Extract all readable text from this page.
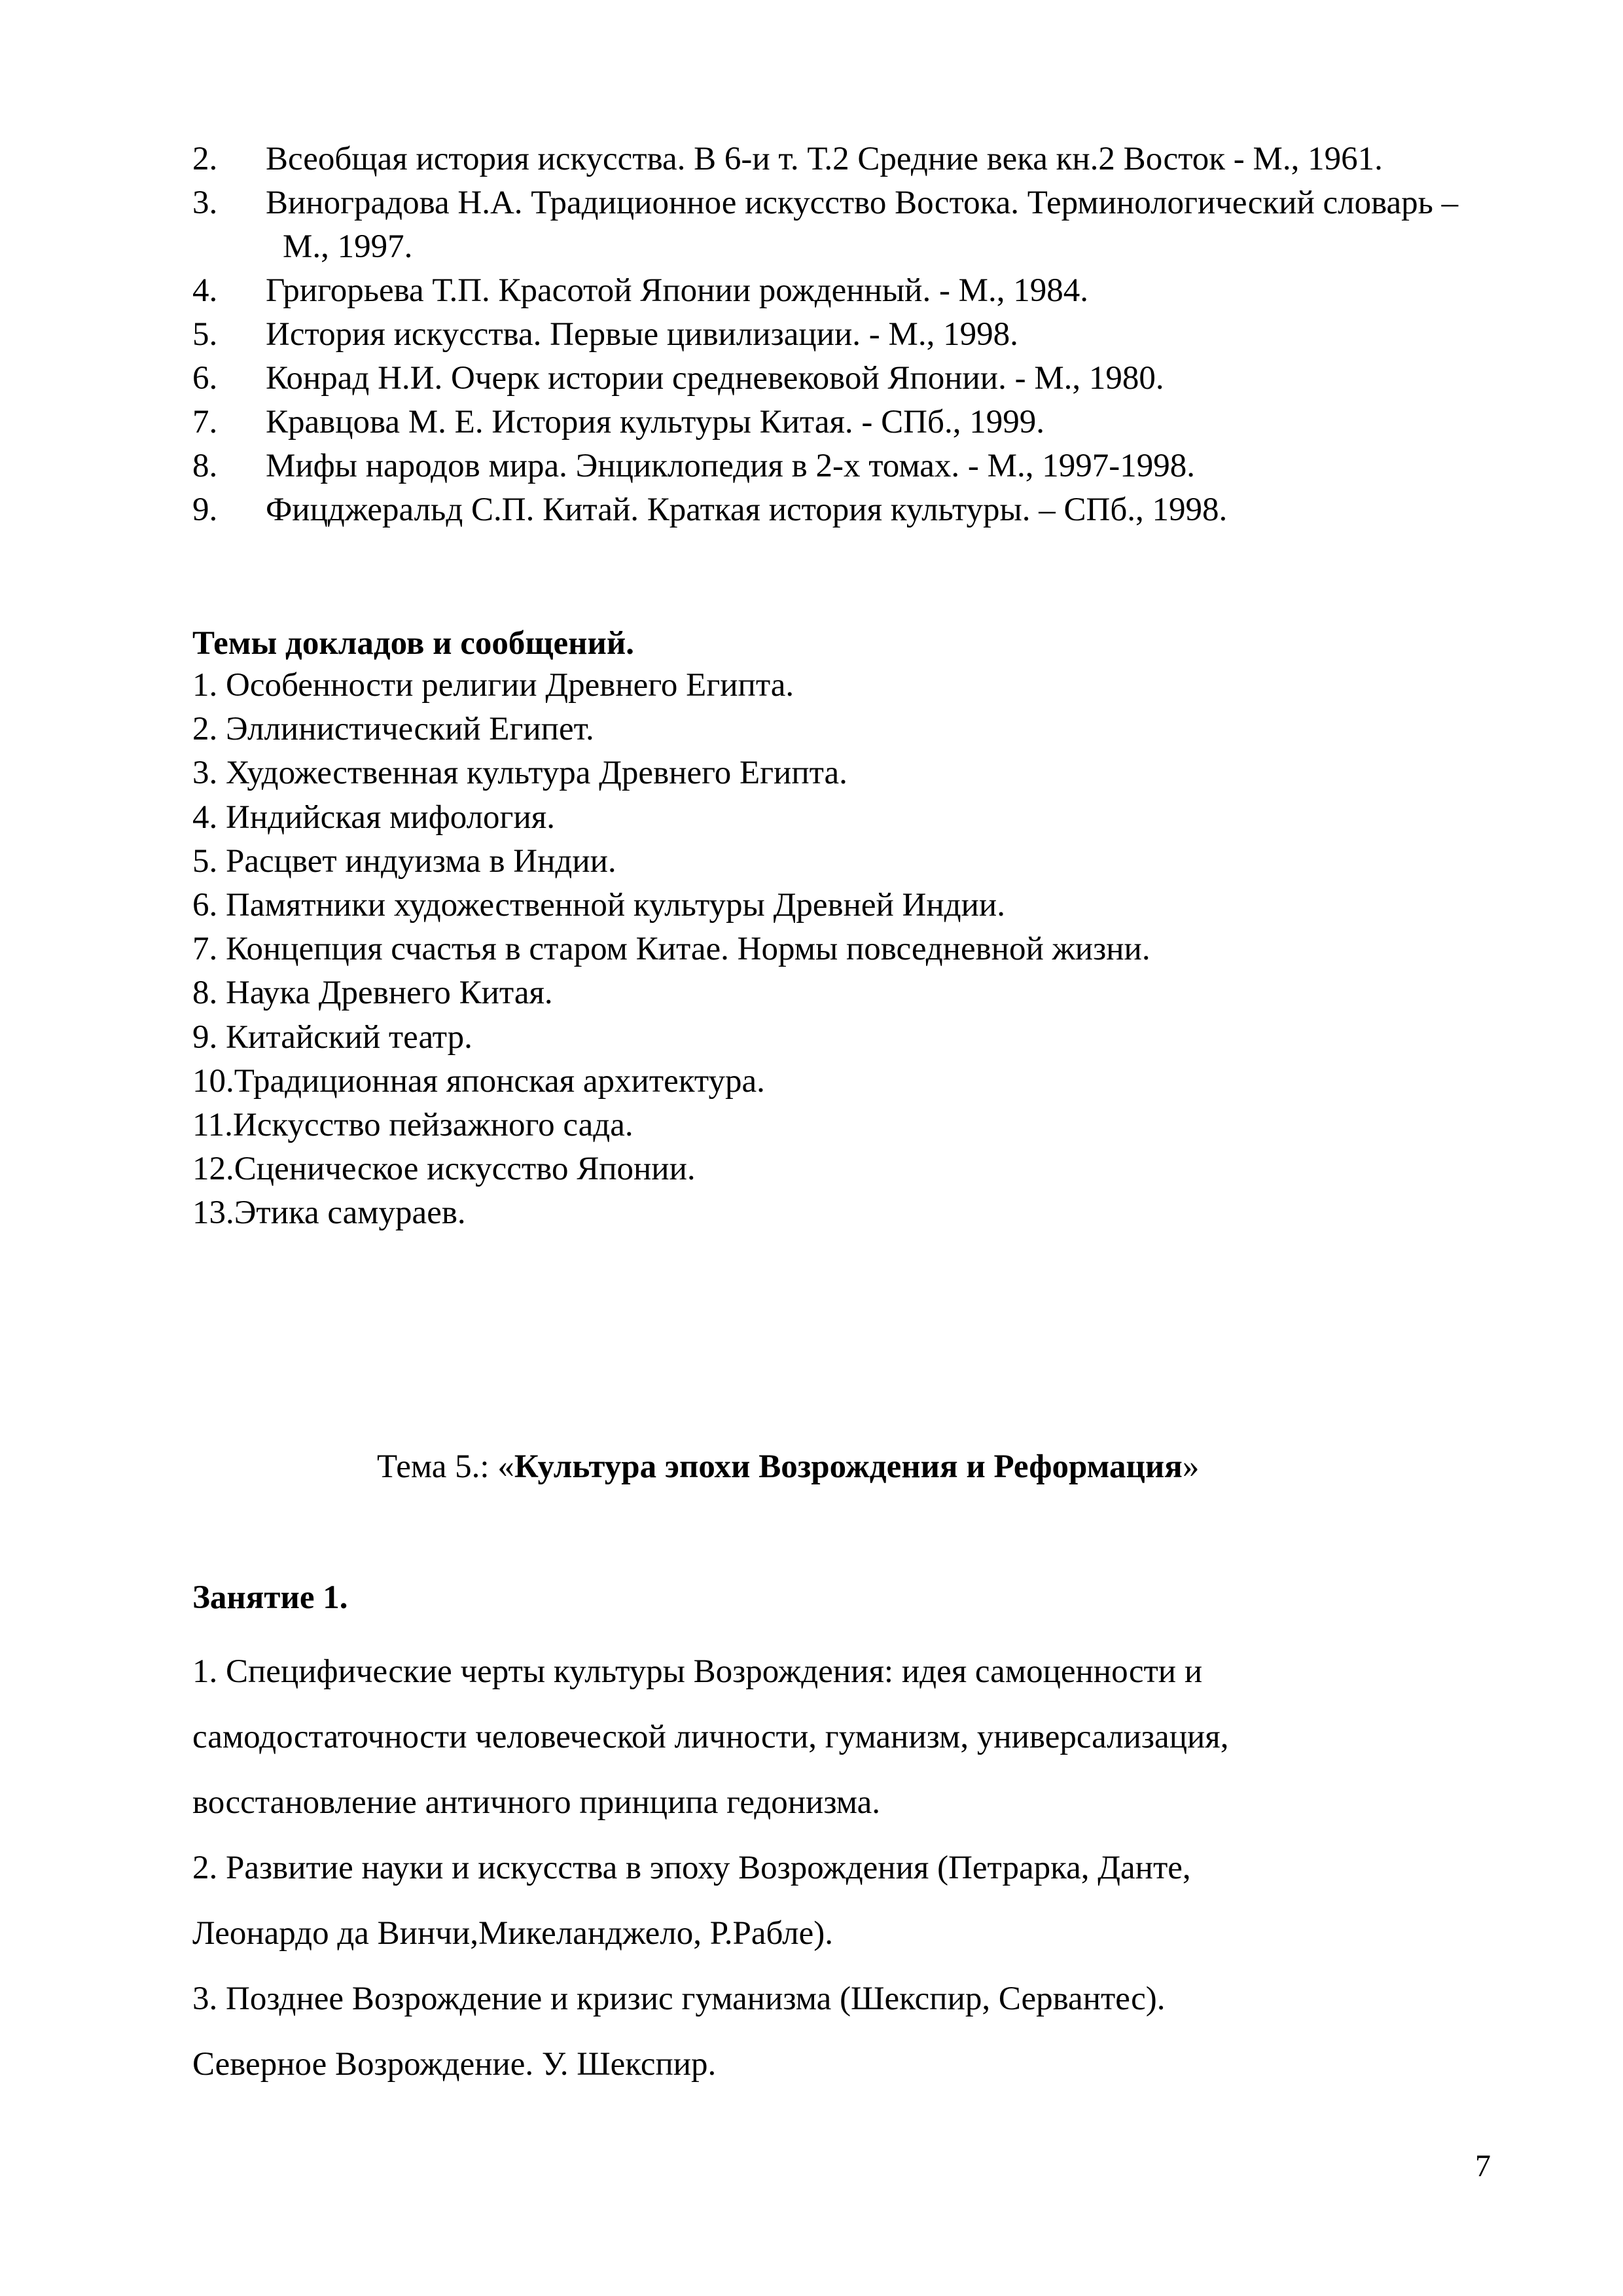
2. Всеобщая история искусства. В 6-и т. Т.2 Средние века кн.2 Восток - М., 1961.
3. Виноградова Н.А. Традиционное искусство Востока. Терминологический словарь – М., 1997.
4. Григорьева Т.П. Красотой Японии рожденный. - М., 1984.
5. История искусства. Первые цивилизации. - М., 1998.
6. Конрад Н.И. Очерк истории средневековой Японии. - М., 1980.
7. Кравцова М. Е. История культуры Китая. - СПб., 1999.
8. Мифы народов мира. Энциклопедия в 2-х томах. - М., 1997-1998.
9. Фицджеральд С.П. Китай. Краткая история культуры. – СПб., 1998.
Темы докладов и сообщений.
1. Особенности религии Древнего Египта.
2. Эллинистический Египет.
3. Художественная культура Древнего Египта.
4. Индийская мифология.
5. Расцвет индуизма в Индии.
6. Памятники художественной культуры Древней Индии.
7. Концепция счастья в старом Китае. Нормы повседневной жизни.
8. Наука Древнего Китая.
9. Китайский театр.
10.Традиционная японская архитектура.
11.Искусство пейзажного сада.
12.Сценическое искусство Японии.
13.Этика самураев.
Тема 5.: «Культура эпохи Возрождения и Реформация»
Занятие 1.
1. Специфические черты культуры Возрождения: идея самоценности и
самодостаточности человеческой личности, гуманизм, универсализация,
восстановление античного принципа гедонизма.
2. Развитие науки и искусства в эпоху Возрождения (Петрарка, Данте,
Леонардо да Винчи,Микеланджело, Р.Рабле).
3. Позднее Возрождение и кризис гуманизма (Шекспир, Сервантес).
Северное Возрождение. У. Шекспир.
7
